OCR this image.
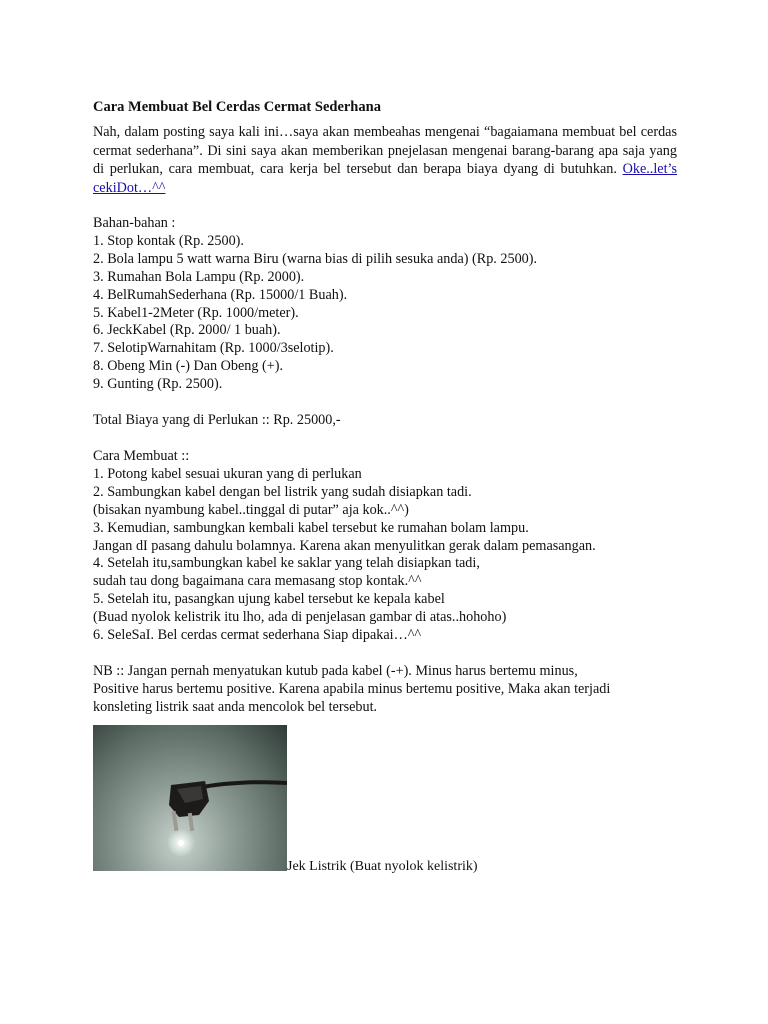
Cara Membuat Bel Cerdas Cermat Sederhana

Nah, dalam posting saya kali ini…saya akan membeahas mengenai “bagaiamana membuat bel cerdas cermat sederhana”. Di sini saya akan memberikan pnejelasan mengenai barang-barang apa saja yang di perlukan, cara membuat, cara kerja bel tersebut dan berapa biaya dyang di butuhkan. Oke..let’s cekiDot…^^

Bahan-bahan :
1. Stop kontak (Rp. 2500).
2. Bola lampu 5 watt warna Biru (warna bias di pilih sesuka anda) (Rp. 2500).
3. Rumahan Bola Lampu (Rp. 2000).
4. BelRumahSederhana (Rp. 15000/1 Buah).
5. Kabel1-2Meter (Rp. 1000/meter).
6. JeckKabel (Rp. 2000/ 1 buah).
7. SelotipWarnahitam (Rp. 1000/3selotip).
8. Obeng Min (-) Dan Obeng (+).
9. Gunting (Rp. 2500).
Total Biaya yang di Perlukan :: Rp. 25000,-
Cara Membuat ::
1. Potong kabel sesuai ukuran yang di perlukan
2. Sambungkan kabel dengan bel listrik yang sudah disiapkan tadi.
(bisakan nyambung kabel..tinggal di putar” aja kok..^^)
3. Kemudian, sambungkan kembali kabel tersebut ke rumahan bolam lampu.
Jangan dI pasang dahulu bolamnya. Karena akan menyulitkan gerak dalam pemasangan.
4. Setelah itu,sambungkan kabel ke saklar yang telah disiapkan tadi,
sudah tau dong bagaimana cara memasang stop kontak.^^
5. Setelah itu, pasangkan ujung kabel tersebut ke kepala kabel
(Buad nyolok kelistrik itu lho, ada di penjelasan gambar di atas..hohoho)
6. SeleSaI. Bel cerdas cermat sederhana Siap dipakai…^^
NB :: Jangan pernah menyatukan kutub pada kabel (-+). Minus harus bertemu minus,
Positive harus bertemu positive. Karena apabila minus bertemu positive, Maka akan terjadi
konsleting listrik saat anda mencolok bel tersebut.
Jek Listrik (Buat nyolok kelistrik)
